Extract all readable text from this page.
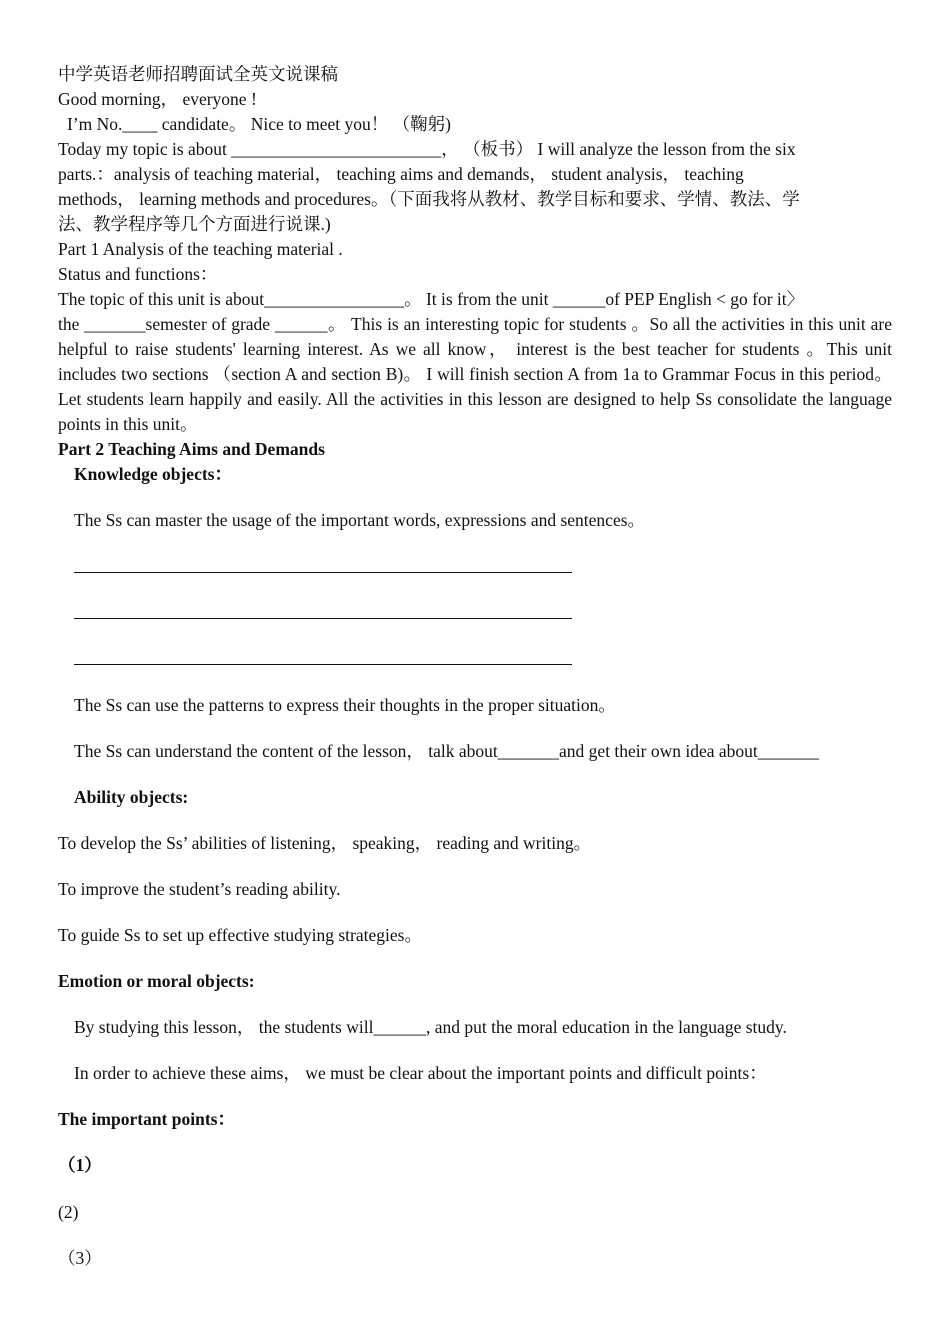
中学英语老师招聘面试全英文说课稿
Good morning， everyone !
I’m No.____ candidate。 Nice to meet you！ （鞠躬)
Today my topic is about ________________________， （板书） I will analyze the lesson from the six
parts.：analysis of teaching material， teaching aims and demands， student analysis， teaching
methods， learning methods and procedures。（下面我将从教材、教学目标和要求、学情、教法、学
法、教学程序等几个方面进行说课.)
Part 1 Analysis of the teaching material .
Status and functions：
The topic of this unit is about________________。 It is from the unit ______of PEP English < go for it〉
the _______semester of grade ______。 This is an interesting topic for students 。So all the activities in this unit are helpful to raise students' learning interest. As we all know， interest is the best teacher for students 。This unit includes two sections （section A and section B)。 I will finish section A from 1a to Grammar Focus in this period。 Let students learn happily and easily. All the activities in this lesson are designed to help Ss consolidate the language points in this unit。
Part 2 Teaching Aims and Demands
Knowledge objects：
The Ss can master the usage of the important words, expressions and sentences。
The Ss can use the patterns to express their thoughts in the proper situation。
The Ss can understand the content of the lesson， talk about_______and get their own idea about_______
Ability objects:
To develop the Ss’ abilities of listening， speaking， reading and writing。
To improve the student’s reading ability.
To guide Ss to set up effective studying strategies。
Emotion or moral objects:
By studying this lesson， the students will______, and put the moral education in the language study.
In order to achieve these aims， we must be clear about the important points and difficult points：
The important points：
（1）
(2)
（3）
